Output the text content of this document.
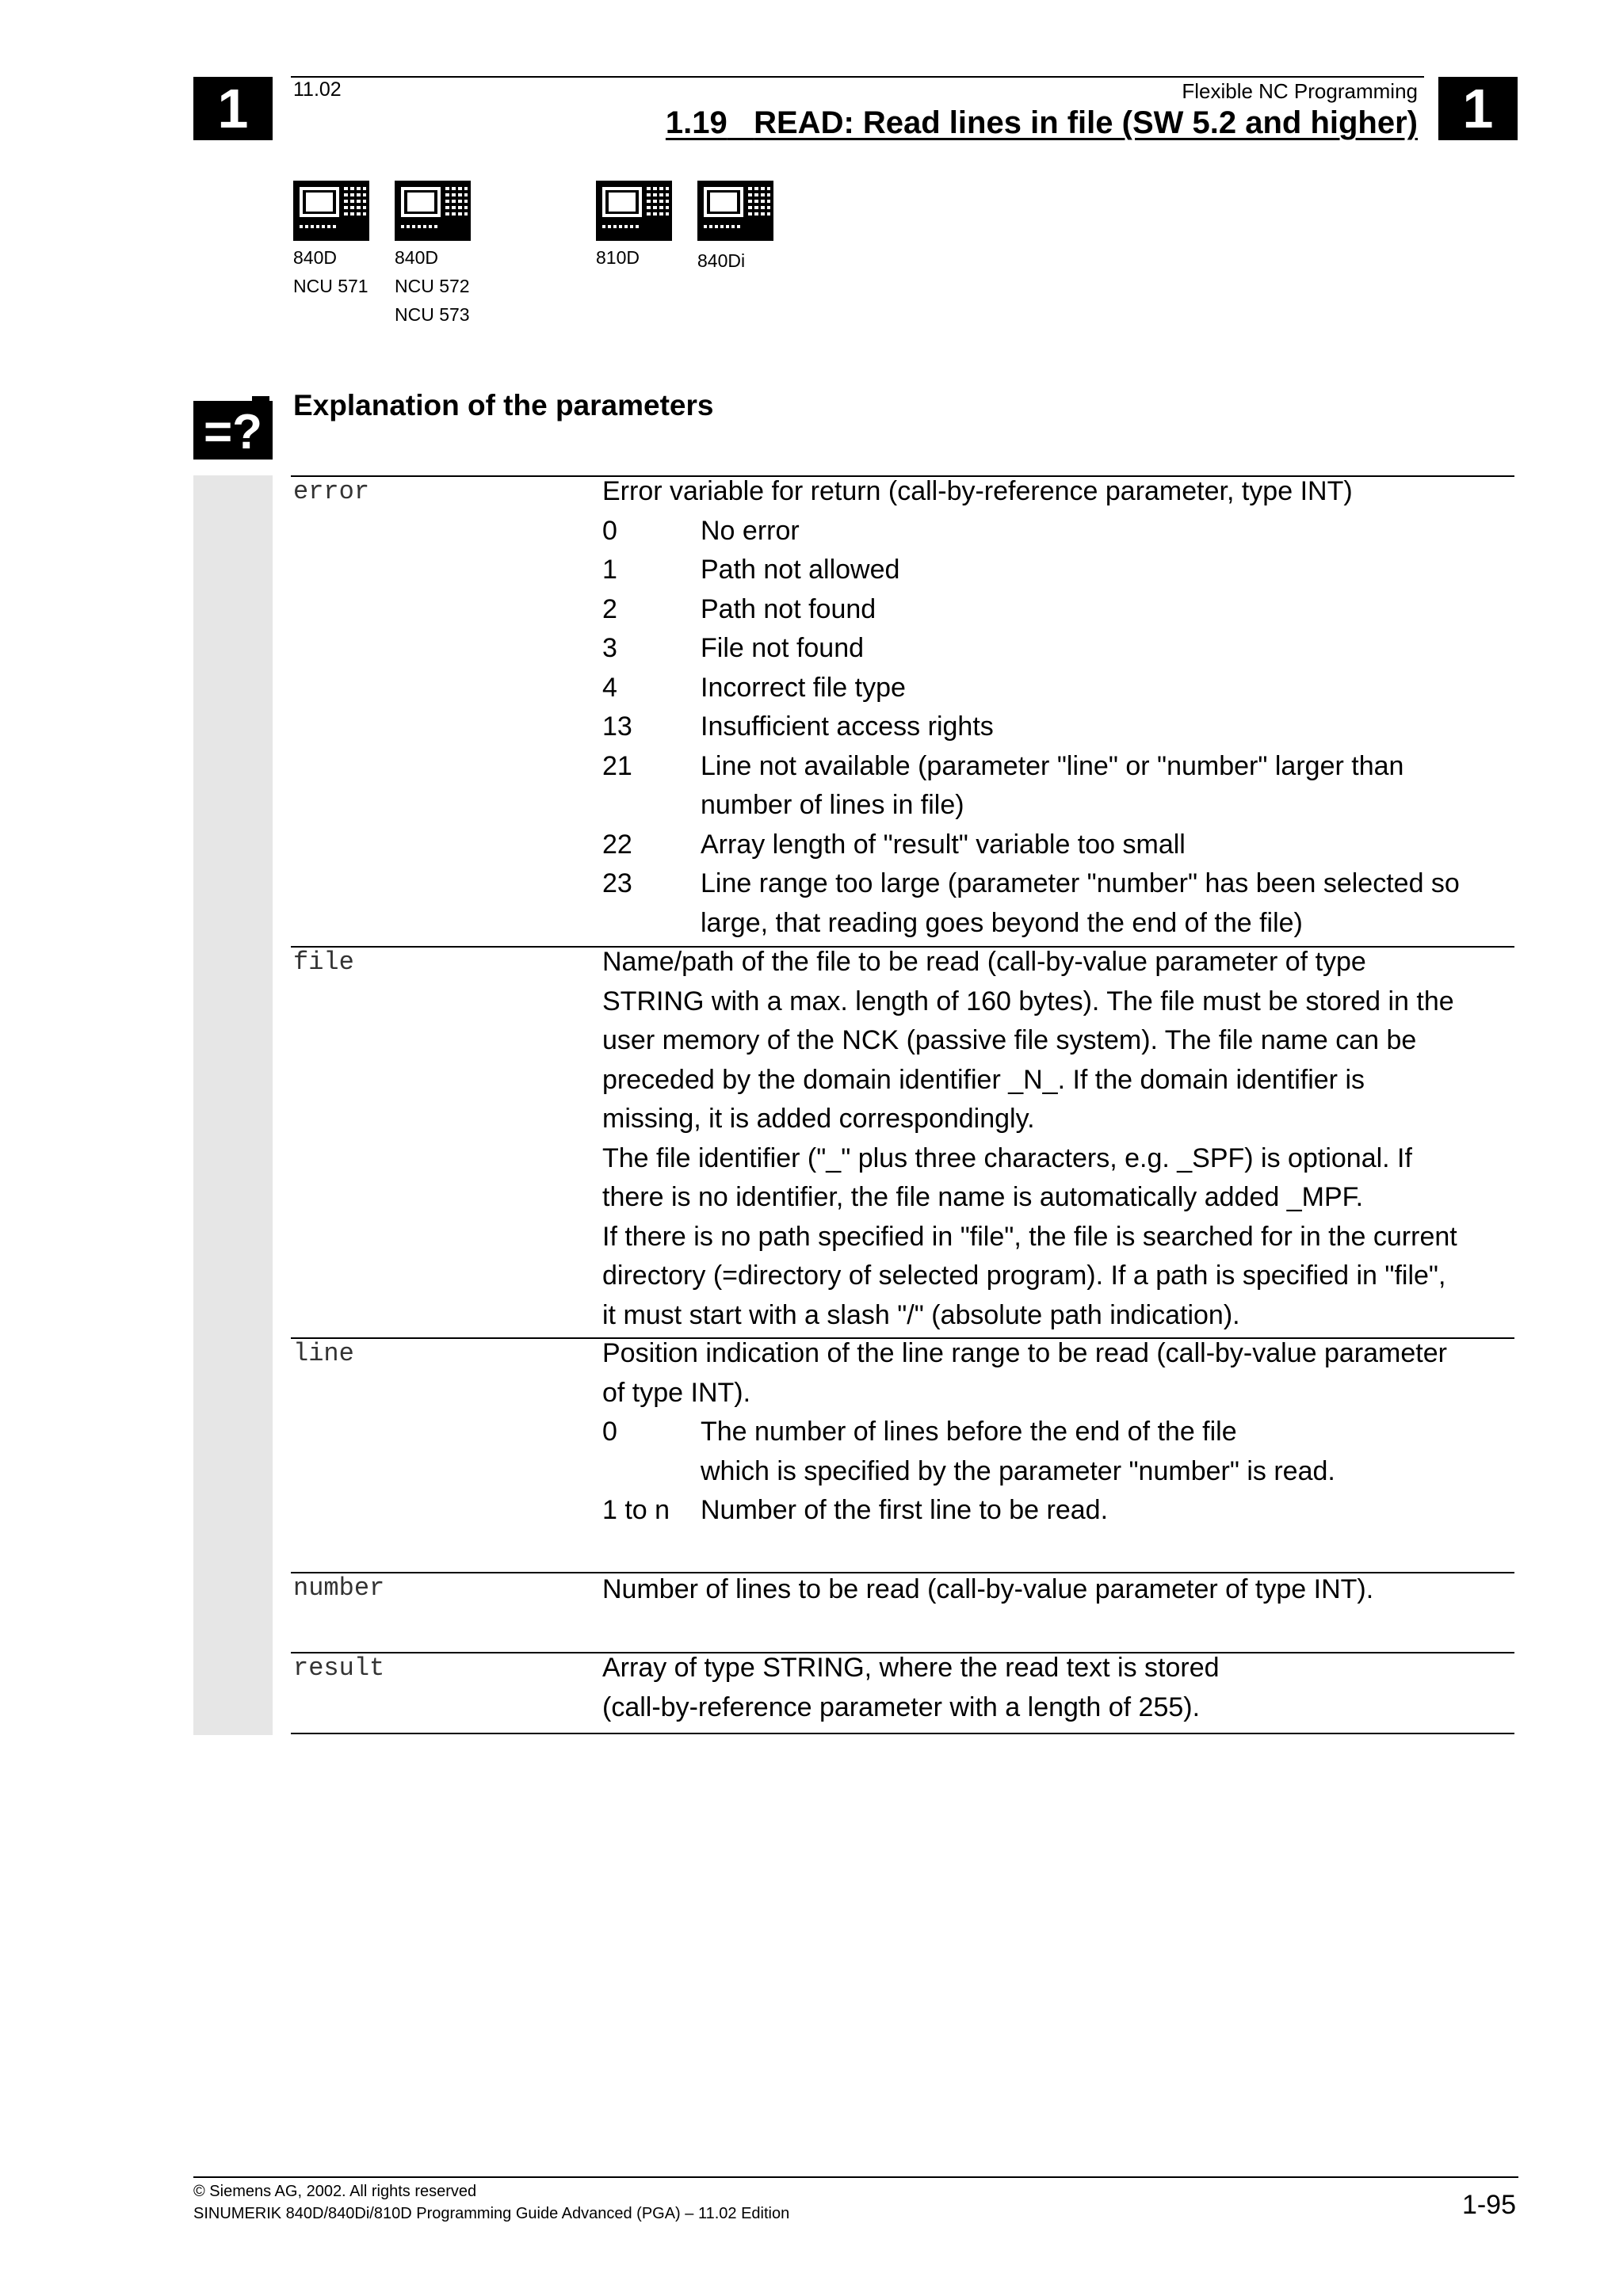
1	1
11.02	Flexible NC Programming
1.19 READ: Read lines in file (SW 5.2 and higher)
840D
NCU 571
840D
NCU 572
NCU 573
810D	840Di
=? Explanation of the parameters
error	Error variable for return (call-by-reference parameter, type INT)
0	No error
1	Path not allowed
2	Path not found
3	File not found
4	Incorrect file type
13	Insufficient access rights
21	Line not available (parameter "line" or "number" larger than
number of lines in file)
22	Array length of "result" variable too small
23	Line range too large (parameter "number" has been selected so
large, that reading goes beyond the end of the file)
file	Name/path of the file to be read (call-by-value parameter of type
STRING with a max. length of 160 bytes). The file must be stored in the
user memory of the NCK (passive file system). The file name can be
preceded by the domain identifier _N_. If the domain identifier is
missing, it is added correspondingly.
The file identifier ("_" plus three characters, e.g. _SPF) is optional. If
there is no identifier, the file name is automatically added _MPF.
If there is no path specified in "file", the file is searched for in the current
directory (=directory of selected program). If a path is specified in "file",
it must start with a slash "/" (absolute path indication).
line	Position indication of the line range to be read (call-by-value parameter
of type INT).
0	The number of lines before the end of the file
which is specified by the parameter "number" is read.
1 to n	Number of the first line to be read.
number	Number of lines to be read (call-by-value parameter of type INT).
result	Array of type STRING, where the read text is stored
(call-by-reference parameter with a length of 255).
© Siemens AG, 2002. All rights reserved
SINUMERIK 840D/840Di/810D Programming Guide Advanced (PGA) – 11.02 Edition	1-95
